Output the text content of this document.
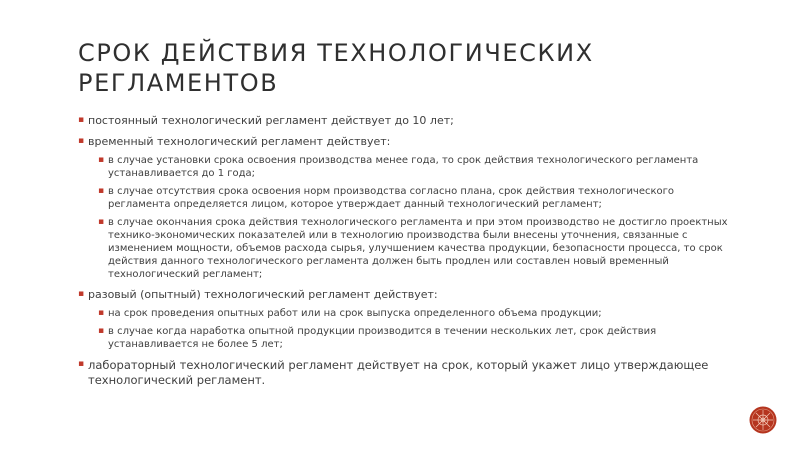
СРОК ДЕЙСТВИЯ ТЕХНОЛОГИЧЕСКИХ РЕГЛАМЕНТОВ
▪ постоянный технологический регламент действует до 10 лет;
▪ временный технологический регламент действует:
▪ в случае установки срока освоения производства менее года, то срок действия технологического регламента устанавливается до 1 года;
▪ в случае отсутствия срока освоения норм производства согласно плана, срок действия технологического регламента определяется лицом, которое утверждает данный технологический регламент;
▪ в случае окончания срока действия технологического регламента и при этом производство не достигло проектных технико-экономических показателей или в технологию производства были внесены уточнения, связанные с изменением мощности, объемов расхода сырья, улучшением качества продукции, безопасности процесса, то срок действия данного технологического регламента должен быть продлен или составлен новый временный технологический регламент;
▪ разовый (опытный) технологический регламент действует:
▪ на срок проведения опытных работ или на срок выпуска определенного объема продукции;
▪ в случае когда наработка опытной продукции производится в течении нескольких лет, срок действия устанавливается не более 5 лет;
▪ лабораторный технологический регламент действует на срок, который укажет лицо утверждающее технологический регламент.
